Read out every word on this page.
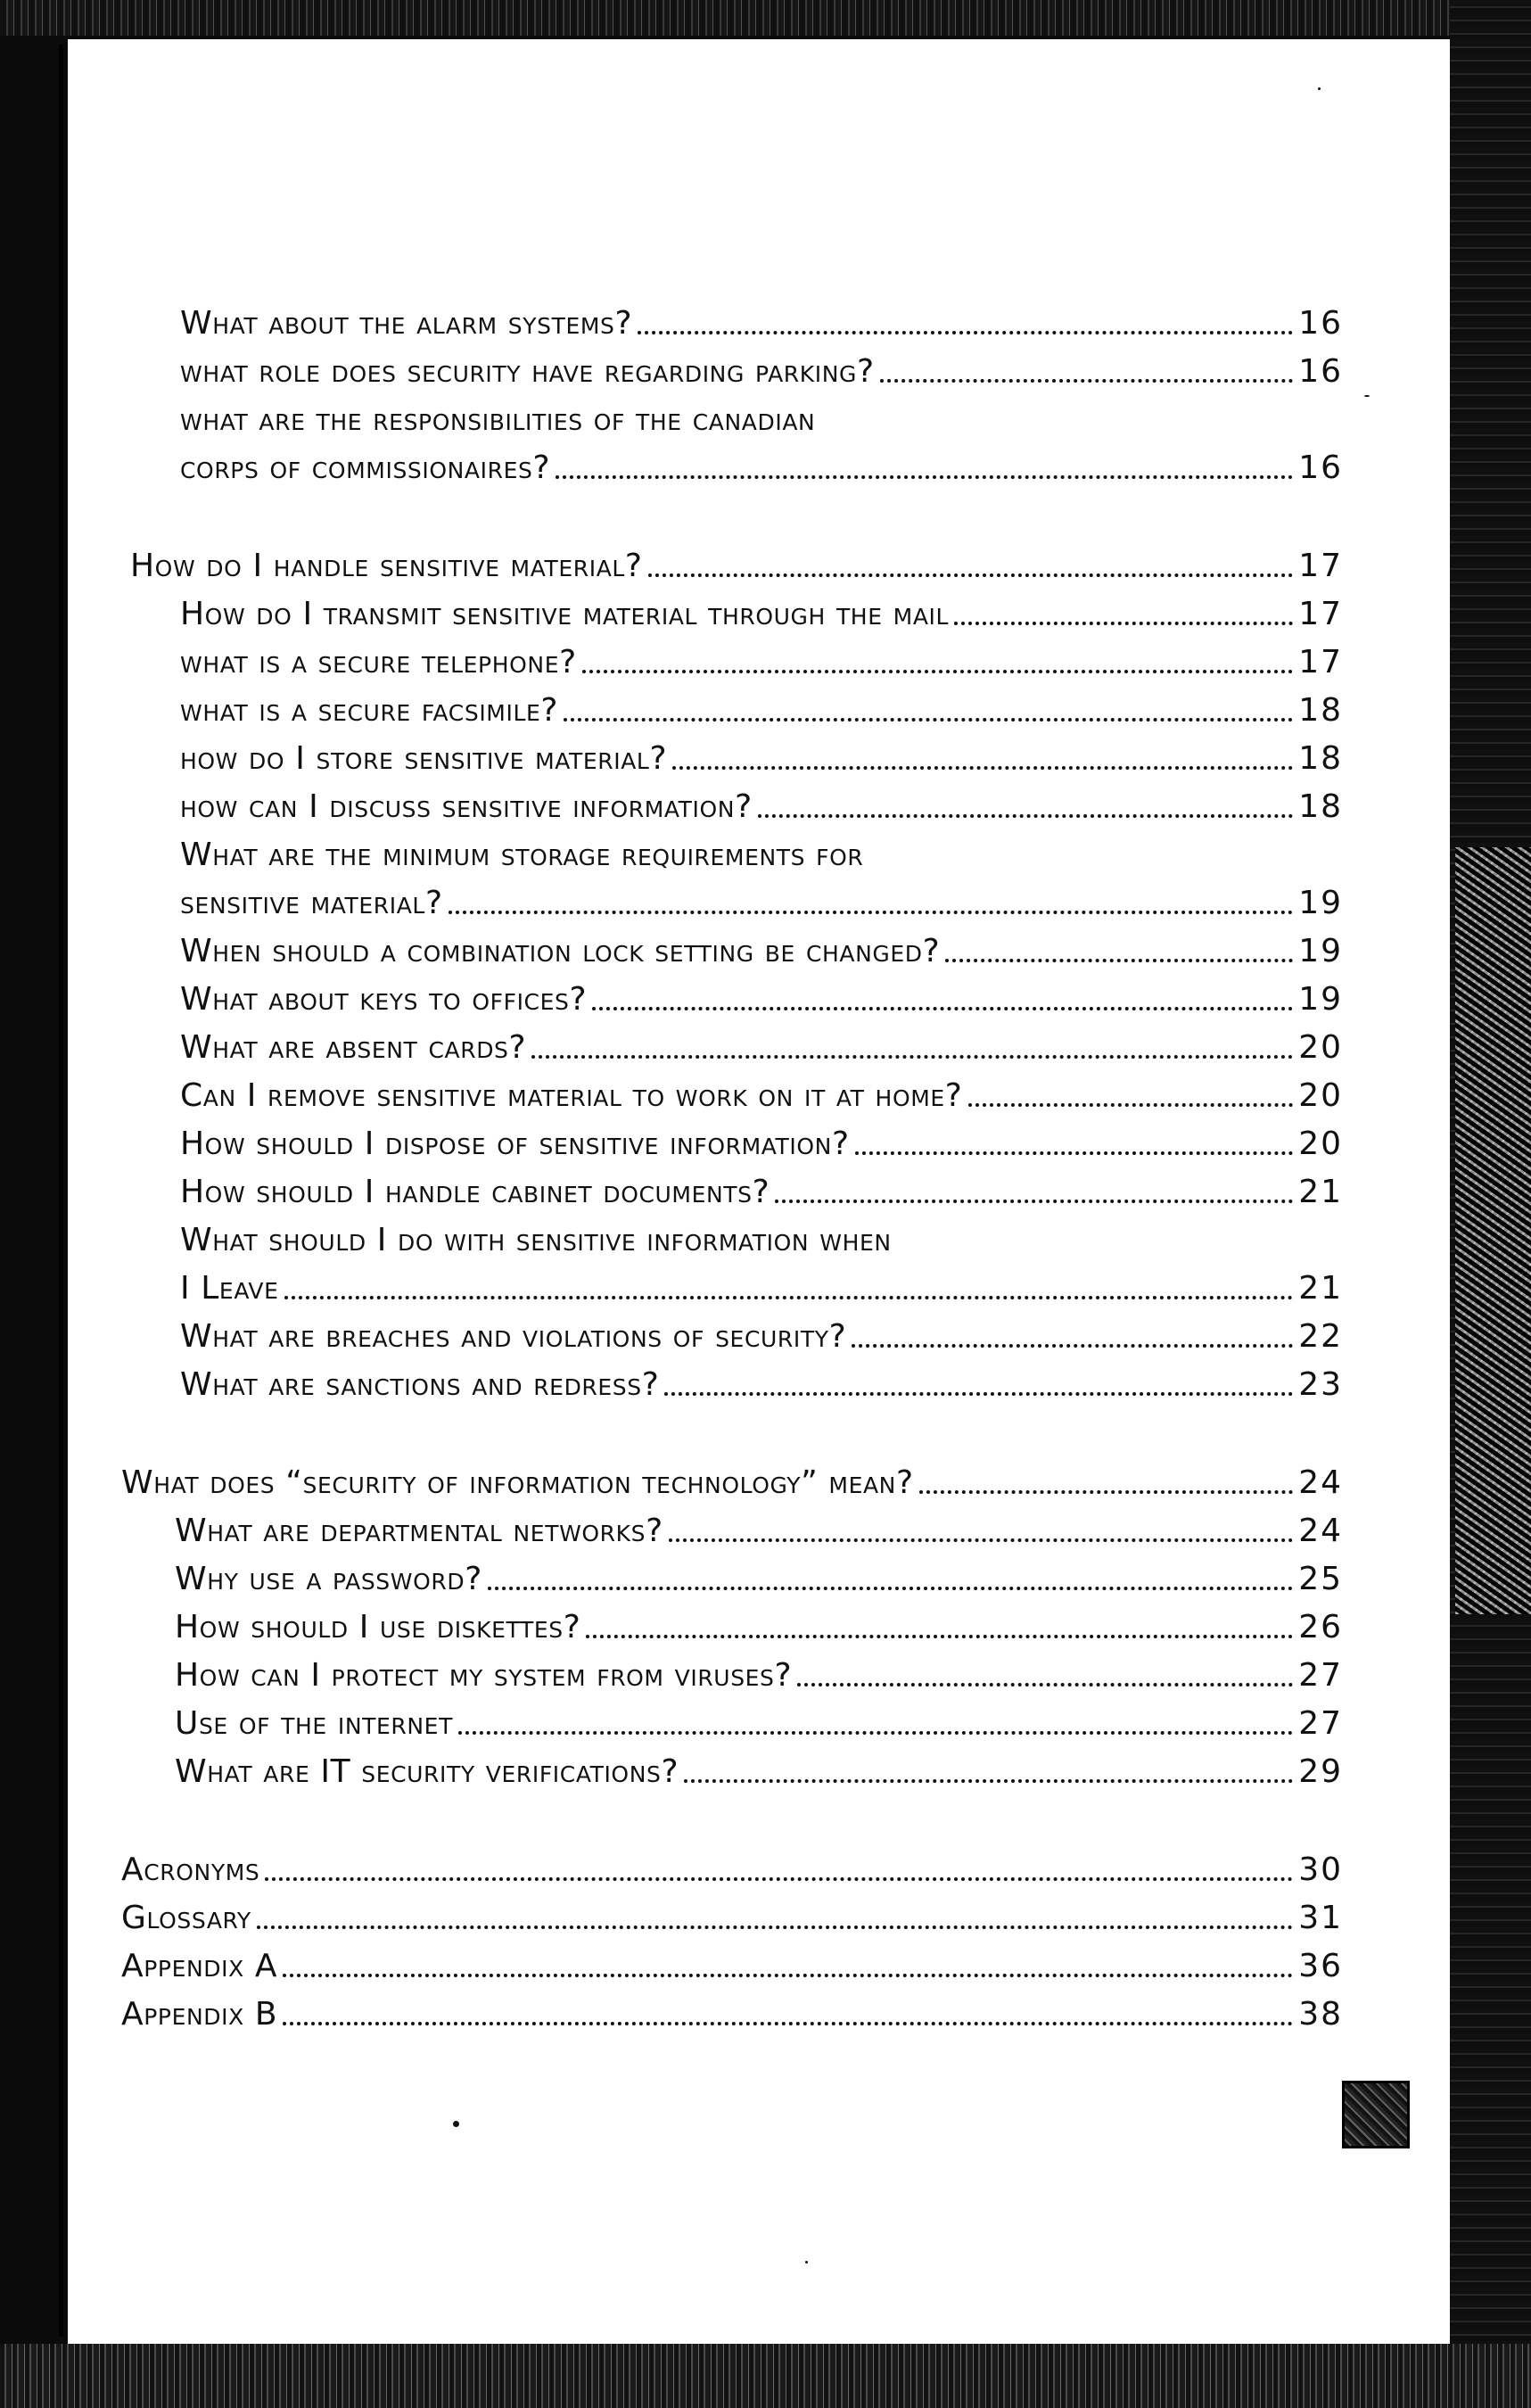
What about the alarm systems?	16
what role does security have regarding parking?	16
what are the responsibilities of the canadian
corps of commissionaires?	16
How do I handle sensitive material?	17
How do I transmit sensitive material through the mail	17
what is a secure telephone?	17
what is a secure facsimile?	18
how do I store sensitive material?	18
how can I discuss sensitive information?	18
What are the minimum storage requirements for
sensitive material?	19
When should a combination lock setting be changed?	19
What about keys to offices?	19
What are absent cards?	20
Can I remove sensitive material to work on it at home?	20
How should I dispose of sensitive information?	20
How should I handle cabinet documents?	21
What should I do with sensitive information when
I Leave	21
What are breaches and violations of security?	22
What are sanctions and redress?	23
What does “security of information technology” mean?	24
What are departmental networks?	24
Why use a password?	25
How should I use diskettes?	26
How can I protect my system from viruses?	27
Use of the internet	27
What are IT security verifications?	29
Acronyms	30
Glossary	31
Appendix A	36
Appendix B	38
